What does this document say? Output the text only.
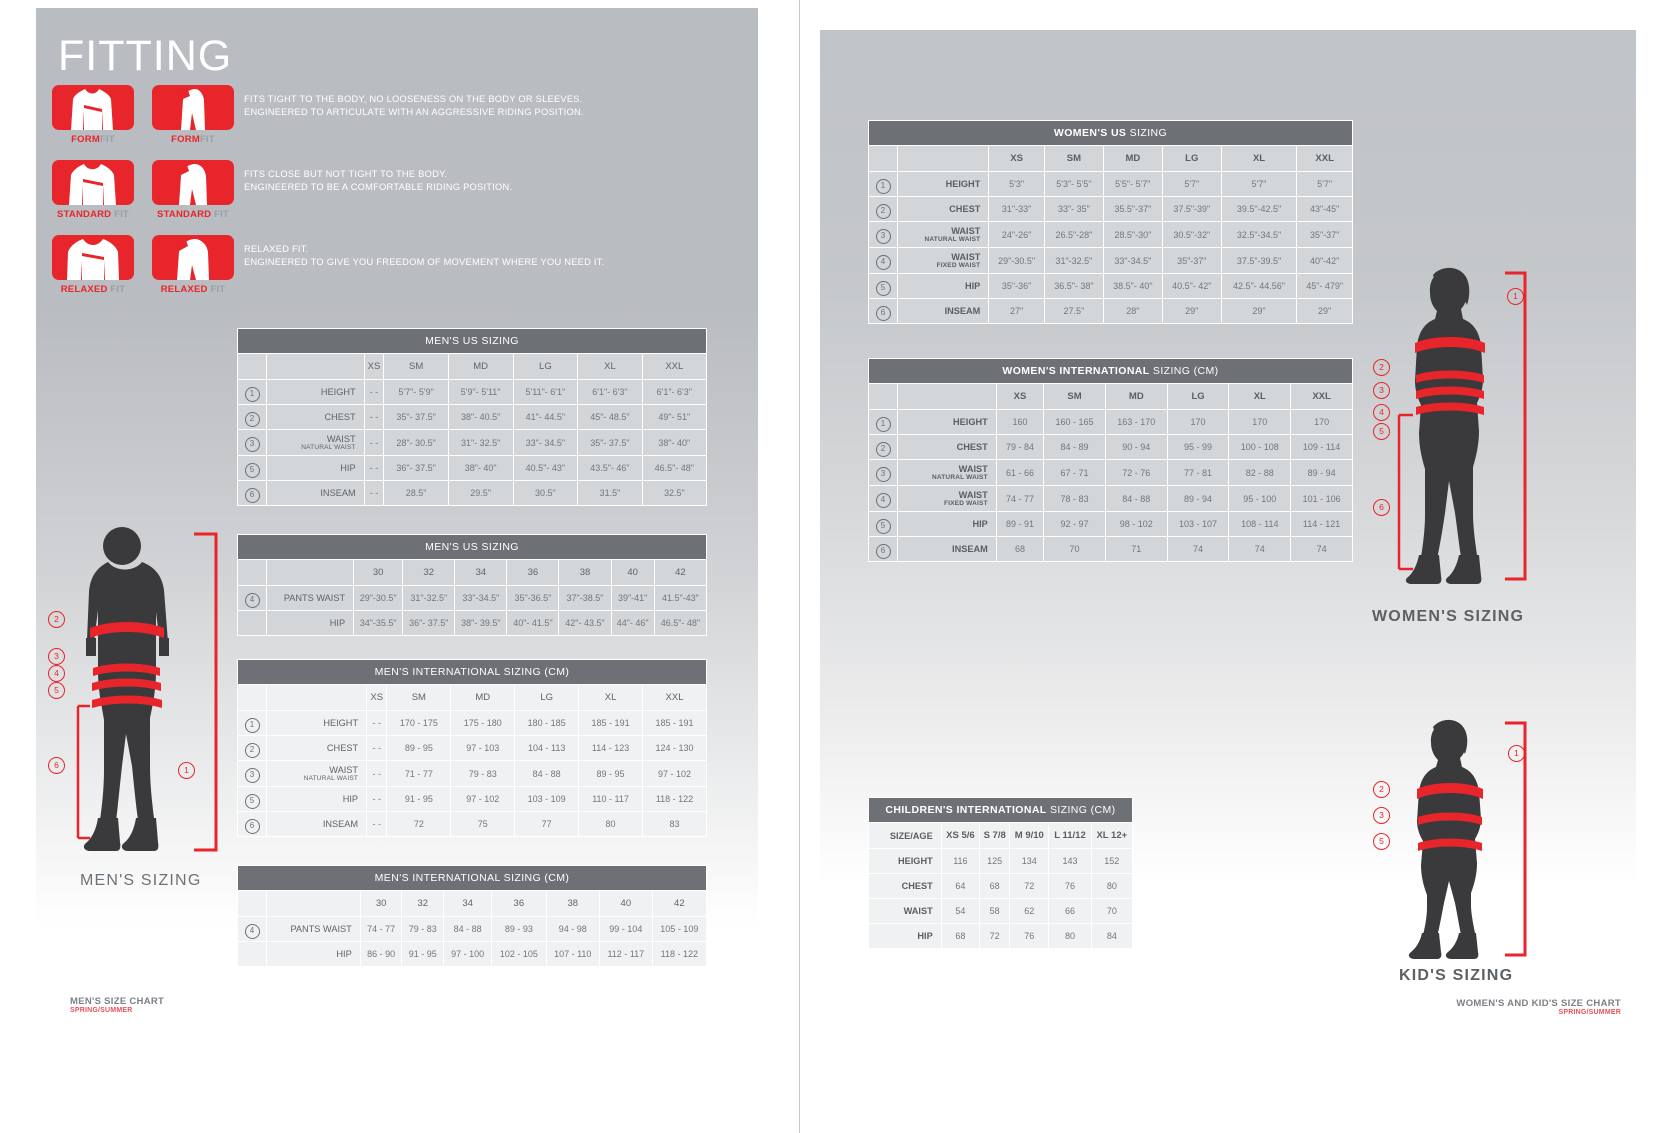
FITTING
FORMFIT	FORMFIT
FITS TIGHT TO THE BODY, NO LOOSENESS ON THE BODY OR SLEEVES.
ENGINEERED TO ARTICULATE WITH AN AGGRESSIVE RIDING POSITION.
STANDARD FIT	STANDARD FIT
FITS CLOSE BUT NOT TIGHT TO THE BODY.
ENGINEERED TO BE A COMFORTABLE RIDING POSITION.
RELAXED FIT	RELAXED FIT
RELAXED FIT.
ENGINEERED TO GIVE YOU FREEDOM OF MOVEMENT WHERE YOU NEED IT.
2
3
4
5
6	1
MEN'S SIZING
MEN'S SIZE CHART
SPRING/SUMMER
MEN'S US SIZING							
		XS	SM	MD	LG	XL	XXL
1	HEIGHT	- -	5'7"- 5'9"	5'9"- 5'11"	5'11"- 6'1"	6'1"- 6'3"	6'1"- 6'3"
2	CHEST	- -	35"- 37.5"	38"- 40.5"	41"- 44.5"	45"- 48.5"	49"- 51"
3	WAIST
NATURAL WAIST	- -	28"- 30.5"	31"- 32.5"	33"- 34.5"	35"- 37.5"	38"- 40"
5	HIP	- -	36"- 37.5"	38"- 40"	40.5"- 43"	43.5"- 46"	46.5"- 48"
6	INSEAM	- -	28.5"	29.5"	30.5"	31.5"	32.5"
MEN'S US SIZING								
		30	32	34	36	38	40	42
4	PANTS WAIST	29"-30.5"	31"-32.5"	33"-34.5"	35"-36.5"	37"-38.5"	39"-41"	41.5"-43"
	HIP	34"-35.5"	36"- 37.5"	38"- 39.5"	40"- 41.5"	42"- 43.5"	44"- 46"	46.5"- 48"
MEN'S INTERNATIONAL SIZING (CM)							
		XS	SM	MD	LG	XL	XXL
1	HEIGHT	- -	170 - 175	175 - 180	180 - 185	185 - 191	185 - 191
2	CHEST	- -	89 - 95	97 - 103	104 - 113	114 - 123	124 - 130
3	WAIST
NATURAL WAIST	- -	71 - 77	79 - 83	84 - 88	89 - 95	97 - 102
5	HIP	- -	91 - 95	97 - 102	103 - 109	110 - 117	118 - 122
6	INSEAM	- -	72	75	77	80	83
MEN'S INTERNATIONAL SIZING (CM)								
		30	32	34	36	38	40	42
4	PANTS WAIST	74 - 77	79 - 83	84 - 88	89 - 93	94 - 98	99 - 104	105 - 109
	HIP	86 - 90	91 - 95	97 - 100	102 - 105	107 - 110	112 - 117	118 - 122
WOMEN'S US SIZING							
		XS	SM	MD	LG	XL	XXL
1	HEIGHT	5'3"	5'3"- 5'5"	5'5"- 5'7"	5'7"	5'7"	5'7"
2	CHEST	31"-33"	33"- 35"	35.5"-37"	37.5"-39"	39.5"-42.5"	43"-45"
3	WAIST
NATURAL WAIST	24"-26"	26.5"-28"	28.5"-30"	30.5"-32"	32.5"-34.5"	35"-37"
4	WAIST
FIXED WAIST	29"-30.5"	31"-32.5"	33"-34.5"	35"-37"	37.5"-39.5"	40"-42"
5	HIP	35"-36"	36.5"- 38"	38.5"- 40"	40.5"- 42"	42.5"- 44.56"	45"- 479"
6	INSEAM	27"	27.5"	28"	29"	29"	29"
WOMEN'S INTERNATIONAL SIZING (CM)							
		XS	SM	MD	LG	XL	XXL
1	HEIGHT	160	160 - 165	163 - 170	170	170	170
2	CHEST	79 - 84	84 - 89	90 - 94	95 - 99	100 - 108	109 - 114
3	WAIST
NATURAL WAIST	61 - 66	67 - 71	72 - 76	77 - 81	82 - 88	89 - 94
4	WAIST
FIXED WAIST	74 - 77	78 - 83	84 - 88	89 - 94	95 - 100	101 - 106
5	HIP	89 - 91	92 - 97	98 - 102	103 - 107	108 - 114	114 - 121
6	INSEAM	68	70	71	74	74	74
CHILDREN'S INTERNATIONAL SIZING (CM)					
SIZE/AGE	XS 5/6	S 7/8	M 9/10	L 11/12	XL 12+
HEIGHT	116	125	134	143	152
CHEST	64	68	72	76	80
WAIST	54	58	62	66	70
HIP	68	72	76	80	84
1
2
3
4
5
6
WOMEN'S SIZING
1
2
3
5
KID'S SIZING
WOMEN'S AND KID'S SIZE CHART
SPRING/SUMMER
